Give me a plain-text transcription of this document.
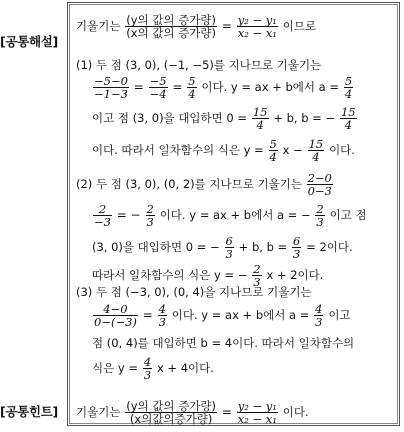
[공통해설]
[공통힌트]
기울기는 $\frac{\text{(y의 값의 증가량)}}{\text{(x의 값의 증가량)}} = \frac{\text{y₂ − y₁}}{\text{x₂ − x₁}}$ 이므로
(1) 두 점 (3, 0), (−1, −5)를 지나므로 기울기는
$\frac{-5-0}{-1-3} = \frac{-5}{-4} = \frac{5}{4}$ 이다. y = ax + b에서 $a = \frac{5}{4}$
이고 점 (3, 0)을 대입하면 $0 = \frac{15}{4} + b$, b = − $\frac{15}{4}$
이다. 따라서 일차함수의 식은 $y = \frac{5}{4}$ $x - \frac{15}{4}$ 이다.
(2) 두 점 (3, 0), (0, 2)를 지나므로 기울기는 $\frac{2-0}{0-3}$
$\frac{2}{-3}$ = − $\frac{2}{3}$ 이다. y = ax + b에서 a = − $\frac{2}{3}$ 이고 점
(3, 0)을 대입하면 0 = − $\frac{6}{3} + b$, $b = \frac{6}{3} = 2$이다.
따라서 일차함수의 식은 y = − $\frac{2}{3}$ x + 2이다.
(3) 두 점 (−3, 0), (0, 4)을 지나므로 기울기는
$\frac{4-0}{0-(-3)} = \frac{4}{3}$ 이다. y = ax + b에서 $a = \frac{4}{3}$ 이고
점 (0, 4)를 대입하면 b = 4이다. 따라서 일차함수의
식은 $y = \frac{4}{3}$ x + 4이다.
기울기는 $\frac{\text{(y의 값의 증가량)}}{\text{(x의값의증가량)}} = \frac{\text{y₂ − y₁}}{\text{x₂ − x₁}}$ 이다.
